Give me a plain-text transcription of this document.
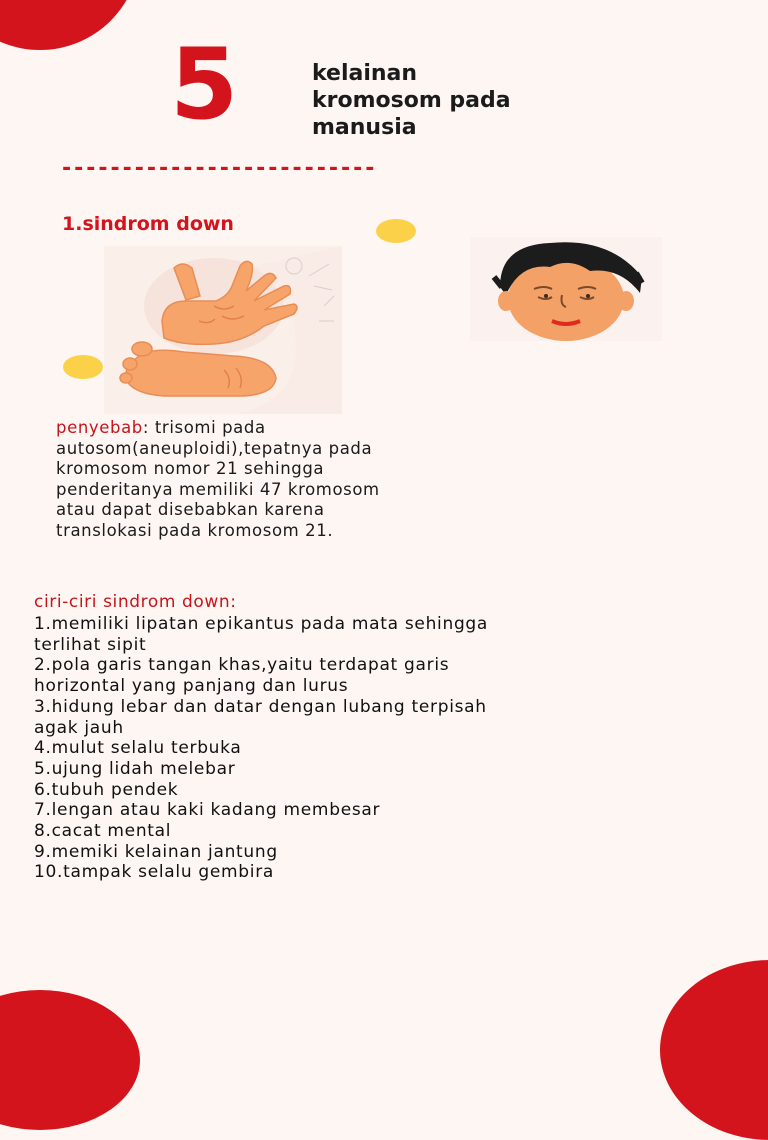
5	kelainan
kromosom pada
manusia
--------------------------
1.sindrom down
penyebab: trisomi pada
autosom(aneuploidi),tepatnya pada
kromosom nomor 21 sehingga
penderitanya memiliki 47 kromosom
atau dapat disebabkan karena
translokasi pada kromosom 21.
ciri-ciri sindrom down:
1.memiliki lipatan epikantus pada mata sehingga
terlihat sipit
2.pola garis tangan khas,yaitu terdapat garis
horizontal yang panjang dan lurus
3.hidung lebar dan datar dengan lubang terpisah
agak jauh
4.mulut selalu terbuka
5.ujung lidah melebar
6.tubuh pendek
7.lengan atau kaki kadang membesar
8.cacat mental
9.memiki kelainan jantung
10.tampak selalu gembira
